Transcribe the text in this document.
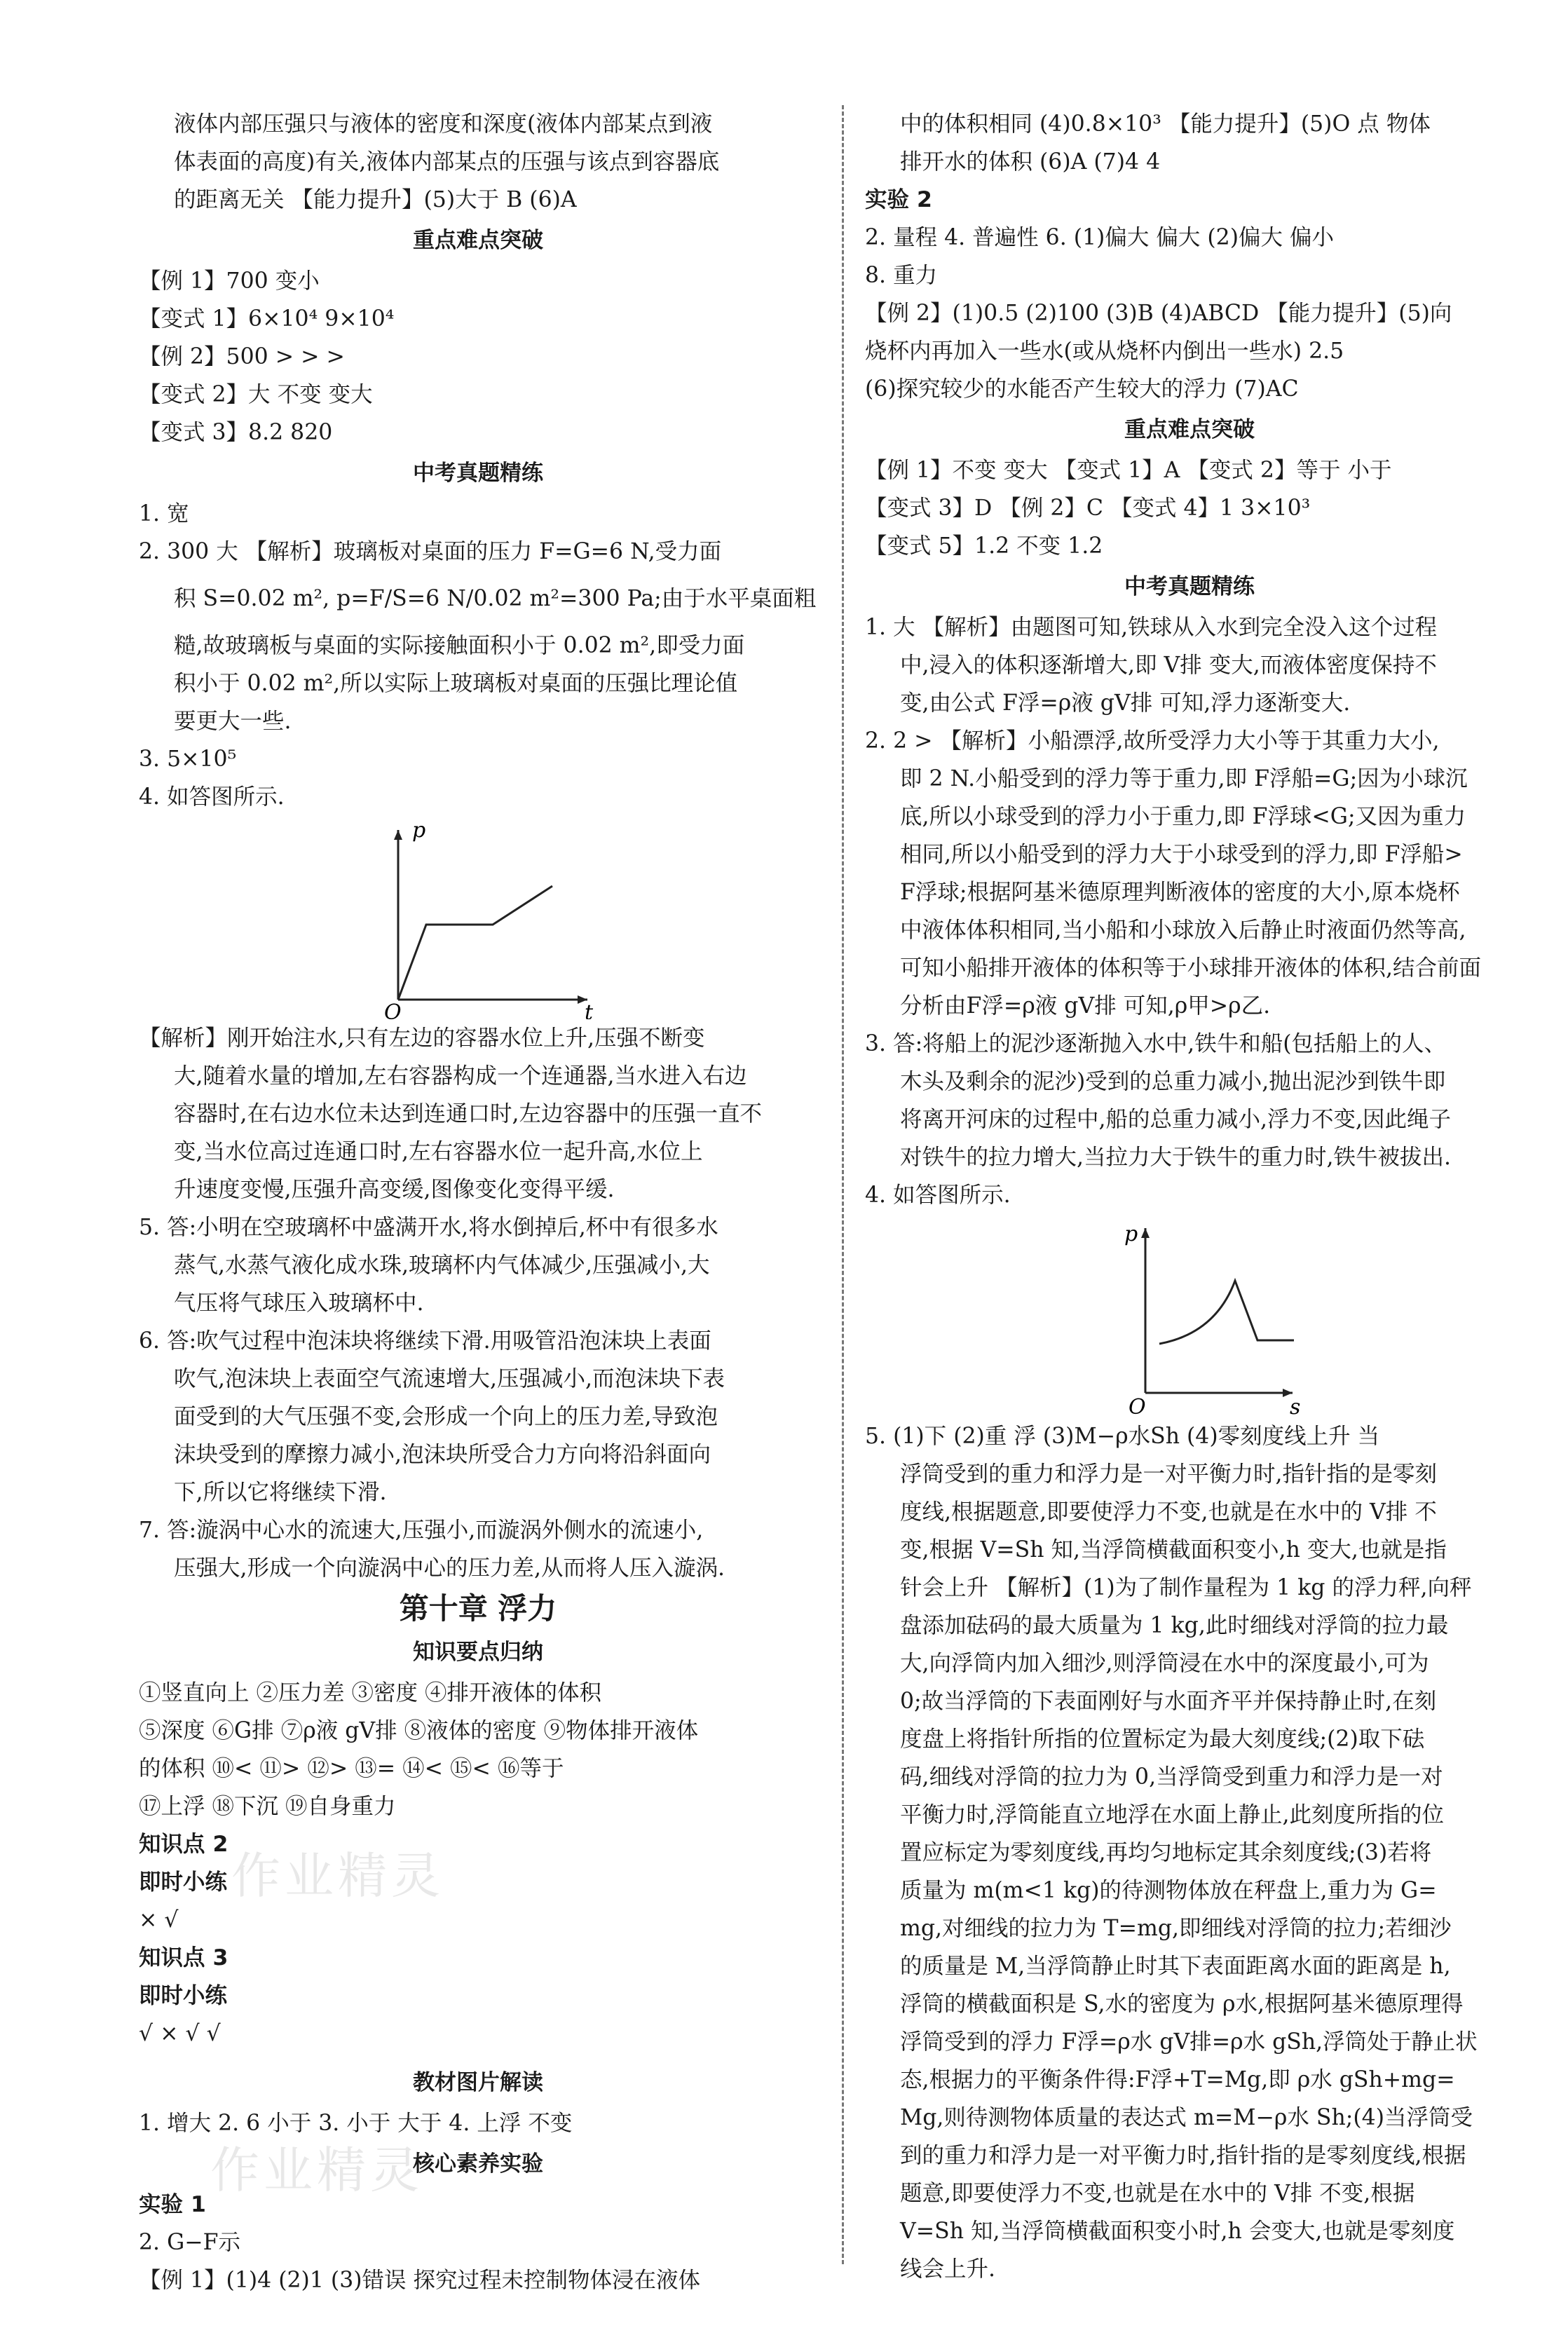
液体内部压强只与液体的密度和深度(液体内部某点到液

体表面的高度)有关,液体内部某点的压强与该点到容器底

的距离无关 【能力提升】(5)大于 B (6)A

重点难点突破

【例 1】700 变小

【变式 1】6×10⁴ 9×10⁴

【例 2】500 > > >

【变式 2】大 不变 变大

【变式 3】8.2 820

中考真题精练

1. 宽

2. 300 大 【解析】玻璃板对桌面的压力 F=G=6 N,受力面

积 S=0.02 m², p=F/S=6 N/0.02 m²=300 Pa;由于水平桌面粗

糙,故玻璃板与桌面的实际接触面积小于 0.02 m²,即受力面

积小于 0.02 m²,所以实际上玻璃板对桌面的压强比理论值

要更大一些.

3. 5×10⁵

4. 如答图所示.

p
t
O

【解析】刚开始注水,只有左边的容器水位上升,压强不断变

大,随着水量的增加,左右容器构成一个连通器,当水进入右边

容器时,在右边水位未达到连通口时,左边容器中的压强一直不

变,当水位高过连通口时,左右容器水位一起升高,水位上

升速度变慢,压强升高变缓,图像变化变得平缓.

5. 答:小明在空玻璃杯中盛满开水,将水倒掉后,杯中有很多水

蒸气,水蒸气液化成水珠,玻璃杯内气体减少,压强减小,大

气压将气球压入玻璃杯中.

6. 答:吹气过程中泡沫块将继续下滑.用吸管沿泡沫块上表面

吹气,泡沫块上表面空气流速增大,压强减小,而泡沫块下表

面受到的大气压强不变,会形成一个向上的压力差,导致泡

沫块受到的摩擦力减小,泡沫块所受合力方向将沿斜面向

下,所以它将继续下滑.

7. 答:漩涡中心水的流速大,压强小,而漩涡外侧水的流速小,

压强大,形成一个向漩涡中心的压力差,从而将人压入漩涡.

第十章 浮力

知识要点归纳

①竖直向上 ②压力差 ③密度 ④排开液体的体积

⑤深度 ⑥G排 ⑦ρ液 gV排 ⑧液体的密度 ⑨物体排开液体

的体积 ⑩< ⑪> ⑫> ⑬= ⑭< ⑮< ⑯等于

⑰上浮 ⑱下沉 ⑲自身重力

知识点 2

即时小练

× √

知识点 3

即时小练

√ × √ √

教材图片解读

1. 增大 2. 6 小于 3. 小于 大于 4. 上浮 不变

核心素养实验

实验 1

2. G−F示

【例 1】(1)4 (2)1 (3)错误 探究过程未控制物体浸在液体

中的体积相同 (4)0.8×10³ 【能力提升】(5)O 点 物体

排开水的体积 (6)A (7)4 4

实验 2

2. 量程 4. 普遍性 6. (1)偏大 偏大 (2)偏大 偏小

8. 重力

【例 2】(1)0.5 (2)100 (3)B (4)ABCD 【能力提升】(5)向

烧杯内再加入一些水(或从烧杯内倒出一些水) 2.5

(6)探究较少的水能否产生较大的浮力 (7)AC

重点难点突破

【例 1】不变 变大 【变式 1】A 【变式 2】等于 小于

【变式 3】D 【例 2】C 【变式 4】1 3×10³

【变式 5】1.2 不变 1.2

中考真题精练

1. 大 【解析】由题图可知,铁球从入水到完全没入这个过程

中,浸入的体积逐渐增大,即 V排 变大,而液体密度保持不

变,由公式 F浮=ρ液 gV排 可知,浮力逐渐变大.

2. 2 > 【解析】小船漂浮,故所受浮力大小等于其重力大小,

即 2 N.小船受到的浮力等于重力,即 F浮船=G;因为小球沉

底,所以小球受到的浮力小于重力,即 F浮球<G;又因为重力

相同,所以小船受到的浮力大于小球受到的浮力,即 F浮船>

F浮球;根据阿基米德原理判断液体的密度的大小,原本烧杯

中液体体积相同,当小船和小球放入后静止时液面仍然等高,

可知小船排开液体的体积等于小球排开液体的体积,结合前面

分析由F浮=ρ液 gV排 可知,ρ甲>ρ乙.

3. 答:将船上的泥沙逐渐抛入水中,铁牛和船(包括船上的人、

木头及剩余的泥沙)受到的总重力减小,抛出泥沙到铁牛即

将离开河床的过程中,船的总重力减小,浮力不变,因此绳子

对铁牛的拉力增大,当拉力大于铁牛的重力时,铁牛被拔出.

4. 如答图所示.

p
s
O

5. (1)下 (2)重 浮 (3)M−ρ水Sh (4)零刻度线上升 当

浮筒受到的重力和浮力是一对平衡力时,指针指的是零刻

度线,根据题意,即要使浮力不变,也就是在水中的 V排 不

变,根据 V=Sh 知,当浮筒横截面积变小,h 变大,也就是指

针会上升 【解析】(1)为了制作量程为 1 kg 的浮力秤,向秤

盘添加砝码的最大质量为 1 kg,此时细线对浮筒的拉力最

大,向浮筒内加入细沙,则浮筒浸在水中的深度最小,可为

0;故当浮筒的下表面刚好与水面齐平并保持静止时,在刻

度盘上将指针所指的位置标定为最大刻度线;(2)取下砝

码,细线对浮筒的拉力为 0,当浮筒受到重力和浮力是一对

平衡力时,浮筒能直立地浮在水面上静止,此刻度所指的位

置应标定为零刻度线,再均匀地标定其余刻度线;(3)若将

质量为 m(m<1 kg)的待测物体放在秤盘上,重力为 G=

mg,对细线的拉力为 T=mg,即细线对浮筒的拉力;若细沙

的质量是 M,当浮筒静止时其下表面距离水面的距离是 h,

浮筒的横截面积是 S,水的密度为 ρ水,根据阿基米德原理得

浮筒受到的浮力 F浮=ρ水 gV排=ρ水 gSh,浮筒处于静止状

态,根据力的平衡条件得:F浮+T=Mg,即 ρ水 gSh+mg=

Mg,则待测物体质量的表达式 m=M−ρ水 Sh;(4)当浮筒受

到的重力和浮力是一对平衡力时,指针指的是零刻度线,根据

题意,即要使浮力不变,也就是在水中的 V排 不变,根据

V=Sh 知,当浮筒横截面积变小时,h 会变大,也就是零刻度

线会上升.

作业精灵
作业精灵
